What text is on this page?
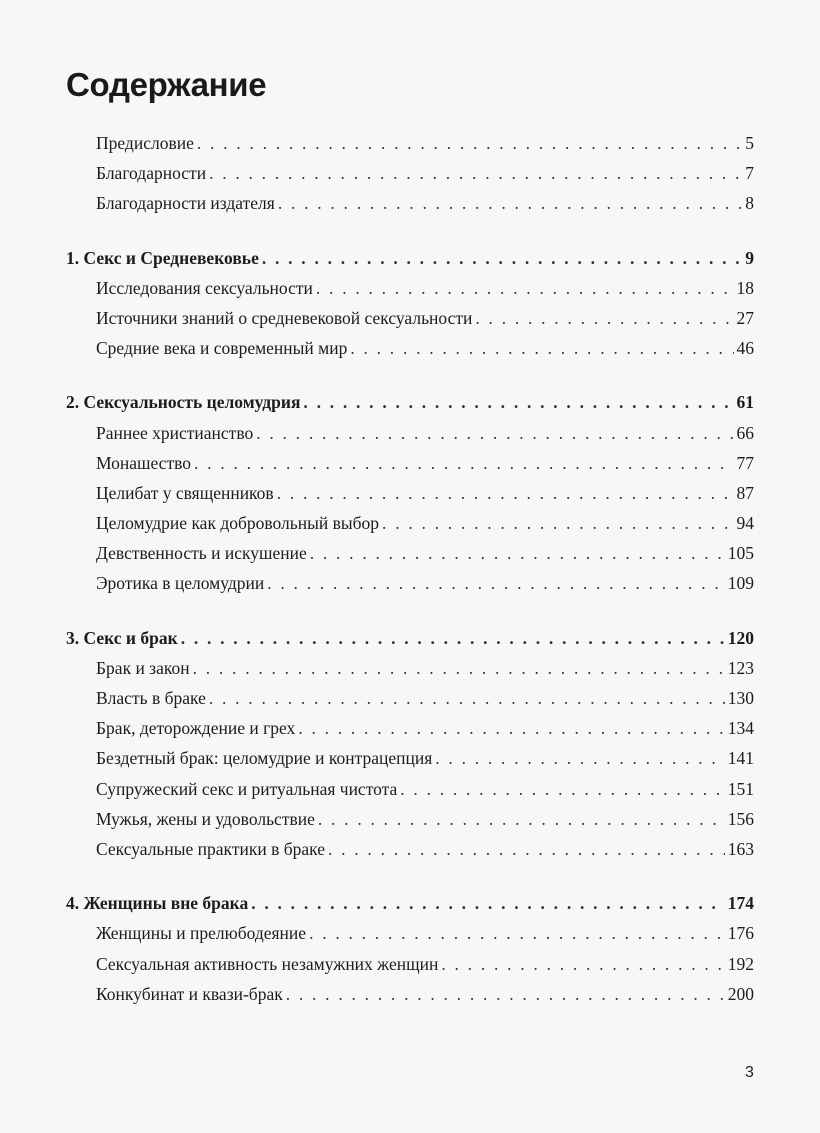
Содержание
Предисловие . . .	5
Благодарности . . .	7
Благодарности издателя . . .	8
1. Секс и Средневековье . . .	9
Исследования сексуальности . . .	18
Источники знаний о средневековой сексуальности . . .	27
Средние века и современный мир . . .	46
2. Сексуальность целомудрия . . .	61
Раннее христианство . . .	66
Монашество . . .	77
Целибат у священников . . .	87
Целомудрие как добровольный выбор . . .	94
Девственность и искушение . . .	105
Эротика в целомудрии . . .	109
3. Секс и брак . . .	120
Брак и закон . . .	123
Власть в браке . . .	130
Брак, деторождение и грех . . .	134
Бездетный брак: целомудрие и контрацепция . . .	141
Супружеский секс и ритуальная чистота . . .	151
Мужья, жены и удовольствие . . .	156
Сексуальные практики в браке . . .	163
4. Женщины вне брака . . .	174
Женщины и прелюбодеяние . . .	176
Сексуальная активность незамужних женщин . . .	192
Конкубинат и квази-брак . . .	200
3
